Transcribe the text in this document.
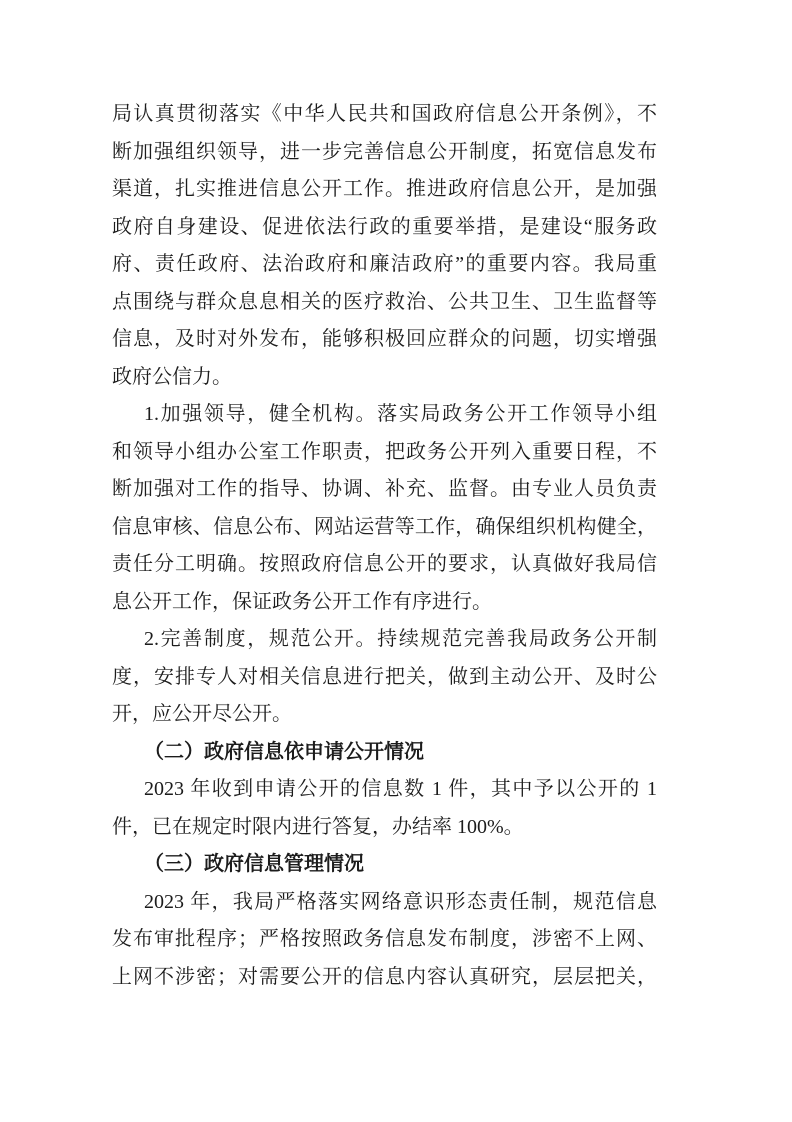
局认真贯彻落实《中华人民共和国政府信息公开条例》，不
断加强组织领导，进一步完善信息公开制度，拓宽信息发布
渠道，扎实推进信息公开工作。推进政府信息公开，是加强
政府自身建设、促进依法行政的重要举措，是建设“服务政
府、责任政府、法治政府和廉洁政府”的重要内容。我局重
点围绕与群众息息相关的医疗救治、公共卫生、卫生监督等
信息，及时对外发布，能够积极回应群众的问题，切实增强
政府公信力。
1.加强领导，健全机构。落实局政务公开工作领导小组
和领导小组办公室工作职责，把政务公开列入重要日程，不
断加强对工作的指导、协调、补充、监督。由专业人员负责
信息审核、信息公布、网站运营等工作，确保组织机构健全，
责任分工明确。按照政府信息公开的要求，认真做好我局信
息公开工作，保证政务公开工作有序进行。
2.完善制度，规范公开。持续规范完善我局政务公开制
度，安排专人对相关信息进行把关，做到主动公开、及时公
开，应公开尽公开。
（二）政府信息依申请公开情况
2023 年收到申请公开的信息数 1 件，其中予以公开的 1
件，已在规定时限内进行答复，办结率 100%。
（三）政府信息管理情况
2023 年，我局严格落实网络意识形态责任制，规范信息
发布审批程序；严格按照政务信息发布制度，涉密不上网、
上网不涉密；对需要公开的信息内容认真研究，层层把关，
